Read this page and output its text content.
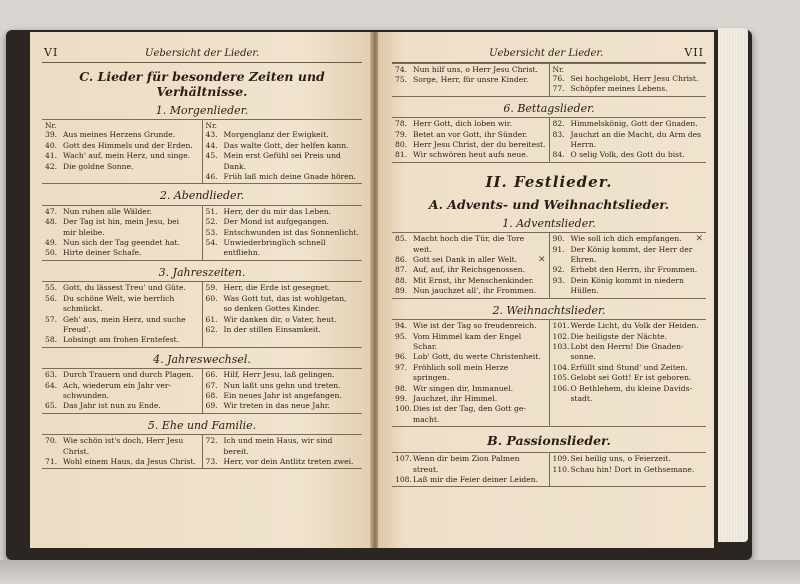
VI	Uebersicht der Lieder.
C. Lieder für besondere Zeiten und Verhältnisse.
1. Morgenlieder.
Nr.
39. Aus meines Herzens Grunde.
40. Gott des Himmels und der Erden.
41. Wach' auf, mein Herz, und singe.
42. Die goldne Sonne.
Nr.
43. Morgenglanz der Ewigkeit.
44. Das walte Gott, der helfen kann.
45. Mein erst Gefühl sei Preis und Dank.
46. Früh laß mich deine Gnade hören.
2. Abendlieder.
47. Nun ruhen alle Wälder.
48. Der Tag ist hin, mein Jesu, bei
mir bleibe.
49. Nun sich der Tag geendet hat.
50. Hirte deiner Schafe.
51. Herr, der du mir das Leben.
52. Der Mond ist aufgegangen.
53. Entschwunden ist das Sonnenlicht.
54. Unwiederbringlich schnell entfliehn.
3. Jahreszeiten.
55. Gott, du lässest Treu' und Güte.
56. Du schöne Welt, wie herrlich schmückt.
57. Geh' aus, mein Herz, und suche
Freud'.
58. Lobsingt am frohen Erntefest.
59. Herr, die Erde ist gesegnet.
60. Was Gott tut, das ist wohlgetan,
so denken Gottes Kinder.
61. Wir danken dir, o Vater, heut.
62. In der stillen Einsamkeit.
4. Jahreswechsel.
63. Durch Trauern und durch Plagen.
64. Ach, wiederum ein Jahr ver-
schwunden.
65. Das Jahr ist nun zu Ende.
66. Hilf, Herr Jesu, laß gelingen.
67. Nun laßt uns gehn und treten.
68. Ein neues Jahr ist angefangen.
69. Wir treten in das neue Jahr.
5. Ehe und Familie.
70. Wie schön ist's doch, Herr Jesu
Christ.
71. Wohl einem Haus, da Jesus Christ.
72. Ich und mein Haus, wir sind
bereit.
73. Herr, vor dein Antlitz treten zwei.
Uebersicht der Lieder.	VII
74. Nun hilf uns, o Herr Jesu Christ.
75. Sorge, Herr, für unsre Kinder.
Nr.
76. Sei hochgelobt, Herr Jesu Christ.
77. Schöpfer meines Lebens.
6. Bettagslieder.
78. Herr Gott, dich loben wir.
79. Betet an vor Gott, ihr Sünder.
80. Herr Jesu Christ, der du bereitest.
81. Wir schwören heut aufs neue.
82. Himmelskönig, Gott der Gnaden.
83. Jauchzt an die Macht, du Arm des
Herrn.
84. O selig Volk, des Gott du bist.
II. Festlieder.
A. Advents- und Weihnachtslieder.
1. Adventslieder.
85. Macht hoch die Tür, die Tore
weit.
86. Gott sei Dank in aller Welt.	✕
87. Auf, auf, ihr Reichsgenossen.
88. Mit Ernst, ihr Menschenkinder.
89. Nun jauchzet all', ihr Frommen.
90. Wie soll ich dich empfangen.	✕
91. Der König kommt, der Herr der
Ehren.
92. Erhebt den Herrn, ihr Frommen.
93. Dein König kommt in niedern
Hüllen.
2. Weihnachtslieder.
94. Wie ist der Tag so freudenreich.
95. Vom Himmel kam der Engel Schar.
96. Lob' Gott, du werte Christenheit.
97. Fröhlich soll mein Herze springen.
98. Wir singen dir, Immanuel.
99. Jauchzet, ihr Himmel.
100. Dies ist der Tag, den Gott ge-
macht.
101. Werde Licht, du Volk der Heiden.
102. Die heiligste der Nächte.
103. Lobt den Herrn! Die Gnaden-
sonne.
104. Erfüllt sind Stund' und Zeiten.
105. Gelobt sei Gott! Er ist geboren.
106. O Bethlehem, du kleine Davids-
stadt.
B. Passionslieder.
107. Wenn dir beim Zion Palmen streut.
108. Laß mir die Feier deiner Leiden.
109. Sei heilig uns, o Feierzeit.
110. Schau hin! Dort in Gethsemane.
